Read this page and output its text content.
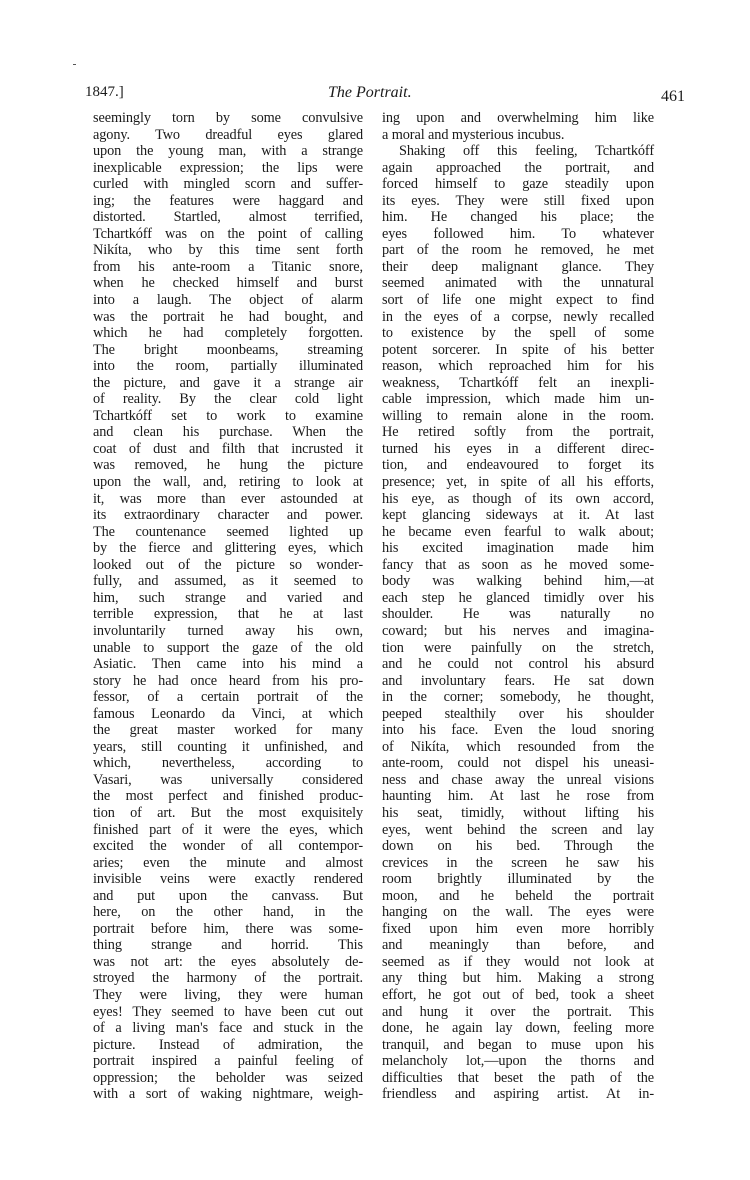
1847.]	The Portrait.	461
seemingly torn by some convulsive
agony. Two dreadful eyes glared
upon the young man, with a strange
inexplicable expression; the lips were
curled with mingled scorn and suffer-
ing; the features were haggard and
distorted. Startled, almost terrified,
Tchartkóff was on the point of calling
Nikíta, who by this time sent forth
from his ante-room a Titanic snore,
when he checked himself and burst
into a laugh. The object of alarm
was the portrait he had bought, and
which he had completely forgotten.
The bright moonbeams, streaming
into the room, partially illuminated
the picture, and gave it a strange air
of reality. By the clear cold light
Tchartkóff set to work to examine
and clean his purchase. When the
coat of dust and filth that incrusted it
was removed, he hung the picture
upon the wall, and, retiring to look at
it, was more than ever astounded at
its extraordinary character and power.
The countenance seemed lighted up
by the fierce and glittering eyes, which
looked out of the picture so wonder-
fully, and assumed, as it seemed to
him, such strange and varied and
terrible expression, that he at last
involuntarily turned away his own,
unable to support the gaze of the old
Asiatic. Then came into his mind a
story he had once heard from his pro-
fessor, of a certain portrait of the
famous Leonardo da Vinci, at which
the great master worked for many
years, still counting it unfinished, and
which, nevertheless, according to
Vasari, was universally considered
the most perfect and finished produc-
tion of art. But the most exquisitely
finished part of it were the eyes, which
excited the wonder of all contempor-
aries; even the minute and almost
invisible veins were exactly rendered
and put upon the canvass. But
here, on the other hand, in the
portrait before him, there was some-
thing strange and horrid. This
was not art: the eyes absolutely de-
stroyed the harmony of the portrait.
They were living, they were human
eyes! They seemed to have been cut out
of a living man's face and stuck in the
picture. Instead of admiration, the
portrait inspired a painful feeling of
oppression; the beholder was seized
with a sort of waking nightmare, weigh-
ing upon and overwhelming him like
a moral and mysterious incubus.
Shaking off this feeling, Tchartkóff
again approached the portrait, and
forced himself to gaze steadily upon
its eyes. They were still fixed upon
him. He changed his place; the
eyes followed him. To whatever
part of the room he removed, he met
their deep malignant glance. They
seemed animated with the unnatural
sort of life one might expect to find
in the eyes of a corpse, newly recalled
to existence by the spell of some
potent sorcerer. In spite of his better
reason, which reproached him for his
weakness, Tchartkóff felt an inexpli-
cable impression, which made him un-
willing to remain alone in the room.
He retired softly from the portrait,
turned his eyes in a different direc-
tion, and endeavoured to forget its
presence; yet, in spite of all his efforts,
his eye, as though of its own accord,
kept glancing sideways at it. At last
he became even fearful to walk about;
his excited imagination made him
fancy that as soon as he moved some-
body was walking behind him,—at
each step he glanced timidly over his
shoulder. He was naturally no
coward; but his nerves and imagina-
tion were painfully on the stretch,
and he could not control his absurd
and involuntary fears. He sat down
in the corner; somebody, he thought,
peeped stealthily over his shoulder
into his face. Even the loud snoring
of Nikíta, which resounded from the
ante-room, could not dispel his uneasi-
ness and chase away the unreal visions
haunting him. At last he rose from
his seat, timidly, without lifting his
eyes, went behind the screen and lay
down on his bed. Through the
crevices in the screen he saw his
room brightly illuminated by the
moon, and he beheld the portrait
hanging on the wall. The eyes were
fixed upon him even more horribly
and meaningly than before, and
seemed as if they would not look at
any thing but him. Making a strong
effort, he got out of bed, took a sheet
and hung it over the portrait. This
done, he again lay down, feeling more
tranquil, and began to muse upon his
melancholy lot,—upon the thorns and
difficulties that beset the path of the
friendless and aspiring artist. At in-
